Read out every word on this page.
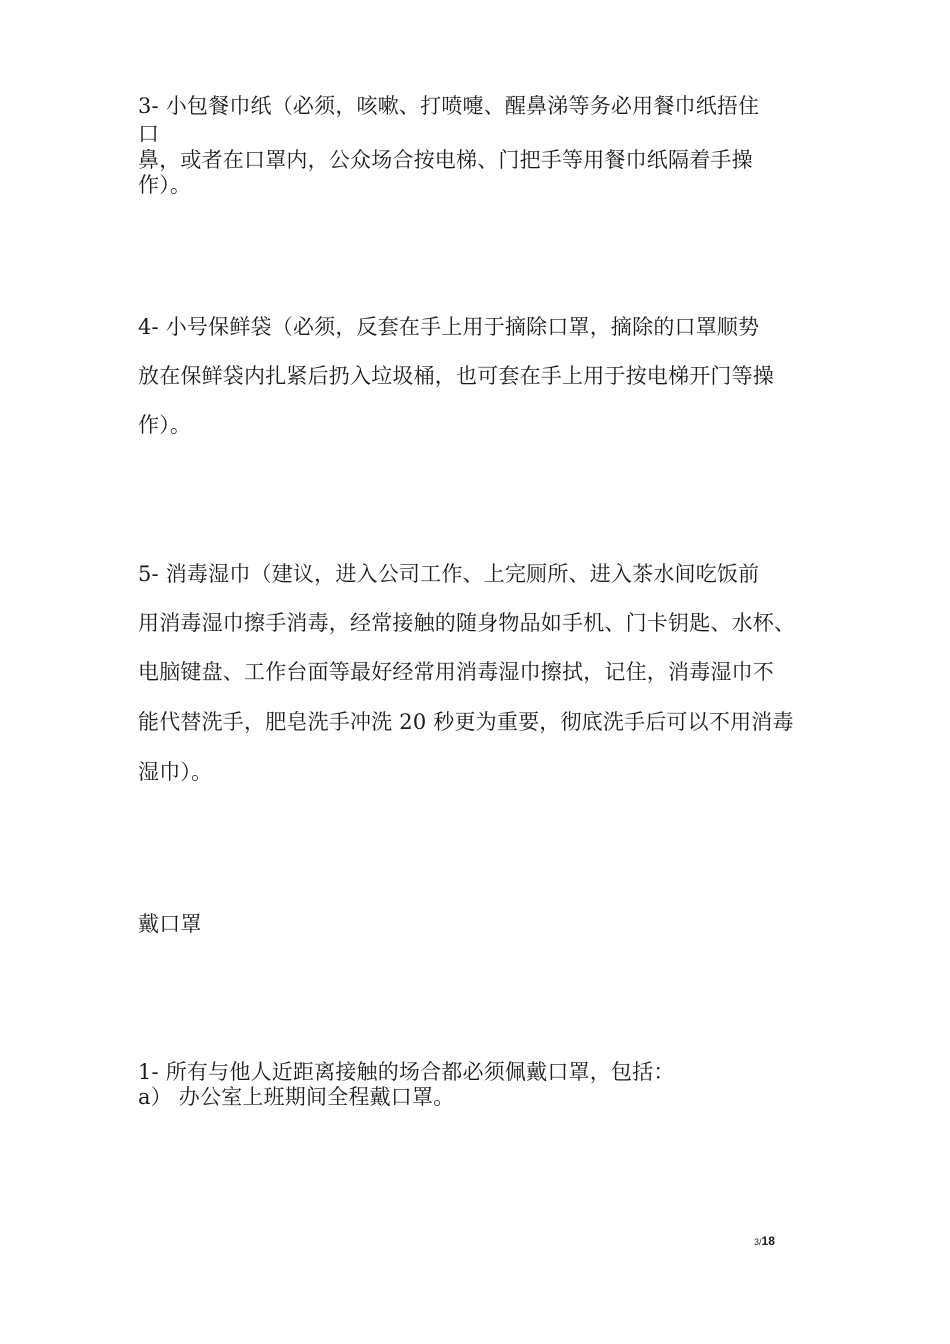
3- 小包餐巾纸（必须，咳嗽、打喷嚏、醒鼻涕等务必用餐巾纸捂住
口
鼻，或者在口罩内，公众场合按电梯、门把手等用餐巾纸隔着手操
作）。
4- 小号保鲜袋（必须，反套在手上用于摘除口罩，摘除的口罩顺势
放在保鲜袋内扎紧后扔入垃圾桶，也可套在手上用于按电梯开门等操
作）。
5- 消毒湿巾（建议，进入公司工作、上完厕所、进入茶水间吃饭前
用消毒湿巾擦手消毒，经常接触的随身物品如手机、门卡钥匙、水杯、
电脑键盘、工作台面等最好经常用消毒湿巾擦拭，记住，消毒湿巾不
能代替洗手，肥皂洗手冲洗 20 秒更为重要，彻底洗手后可以不用消毒
湿巾）。
戴口罩
1- 所有与他人近距离接触的场合都必须佩戴口罩，包括：
a） 办公室上班期间全程戴口罩。
3/18
